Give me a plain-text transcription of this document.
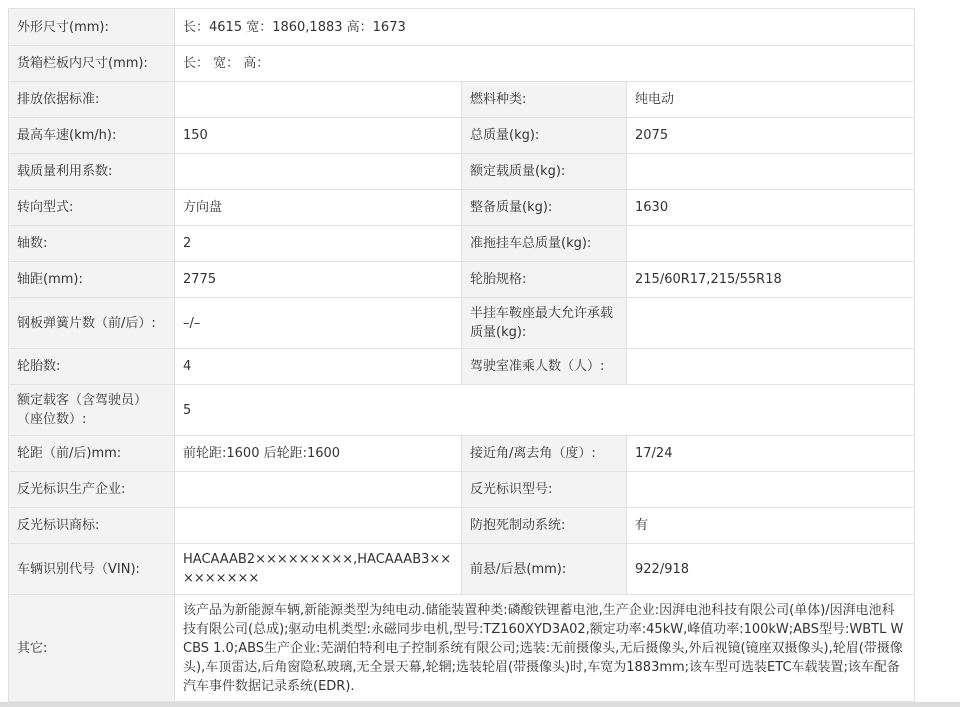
外形尺寸(mm):	长：4615 宽：1860,1883 高：1673		
货箱栏板内尺寸(mm):	长： 宽： 高：		
排放依据标准:		燃料种类:	纯电动
最高车速(km/h):	150	总质量(kg):	2075
载质量利用系数:		额定载质量(kg):	
转向型式:	方向盘	整备质量(kg):	1630
轴数:	2	准拖挂车总质量(kg):	
轴距(mm):	2775	轮胎规格:	215/60R17,215/55R18
钢板弹簧片数（前/后）:	–/–	半挂车鞍座最大允许承载质量(kg):	
轮胎数:	4	驾驶室准乘人数（人）:	
额定载客（含驾驶员）（座位数）:	5		
轮距（前/后)mm:	前轮距:1600 后轮距:1600	接近角/离去角（度）:	17/24
反光标识生产企业:		反光标识型号:	
反光标识商标:		防抱死制动系统:	有
车辆识别代号（VIN):	HACAAAB2×××××××××,HACAAAB3×××××××××	前悬/后悬(mm):	922/918
其它:	该产品为新能源车辆,新能源类型为纯电动.储能装置种类:磷酸铁锂蓄电池,生产企业:因湃电池科技有限公司(单体)/因湃电池科技有限公司(总成);驱动电机类型:永磁同步电机,型号:TZ160XYD3A02,额定功率:45kW,峰值功率:100kW;ABS型号:WBTL WCBS 1.0;ABS生产企业:芜湖伯特利电子控制系统有限公司;选装:无前摄像头,无后摄像头,外后视镜(镜座双摄像头),轮眉(带摄像头),车顶雷达,后角窗隐私玻璃,无全景天幕,轮辋;选装轮眉(带摄像头)时,车宽为1883mm;该车型可选装ETC车载装置;该车配备汽车事件数据记录系统(EDR).		
